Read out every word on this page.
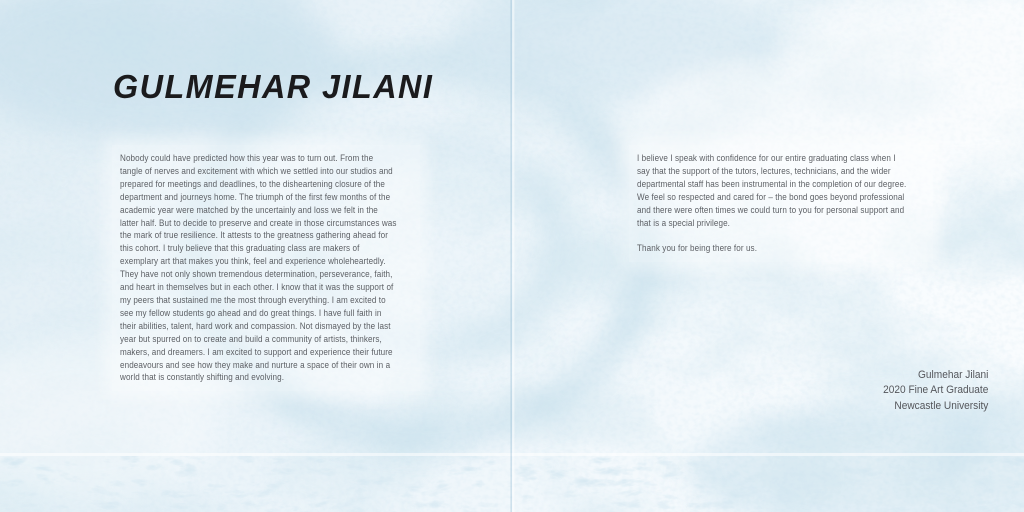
GULMEHAR JILANI

Nobody could have predicted how this year was to turn out. From the tangle of nerves and excitement with which we settled into our studios and prepared for meetings and deadlines, to the disheartening closure of the department and journeys home. The triumph of the first few months of the academic year were matched by the uncertainly and loss we felt in the latter half. But to decide to preserve and create in those circumstances was the mark of true resilience. It attests to the greatness gathering ahead for this cohort. I truly believe that this graduating class are makers of exemplary art that makes you think, feel and experience wholeheartedly. They have not only shown tremendous determination, perseverance, faith, and heart in themselves but in each other. I know that it was the support of my peers that sustained me the most through everything. I am excited to see my fellow students go ahead and do great things. I have full faith in their abilities, talent, hard work and compassion. Not dismayed by the last year but spurred on to create and build a community of artists, thinkers, makers, and dreamers. I am excited to support and experience their future endeavours and see how they make and nurture a space of their own in a world that is constantly shifting and evolving.

I believe I speak with confidence for our entire graduating class when I say that the support of the tutors, lectures, technicians, and the wider departmental staff has been instrumental in the completion of our degree. We feel so respected and cared for – the bond goes beyond professional and there were often times we could turn to you for personal support and that is a special privilege.

Thank you for being there for us.

Gulmehar Jilani
2020 Fine Art Graduate
Newcastle University
